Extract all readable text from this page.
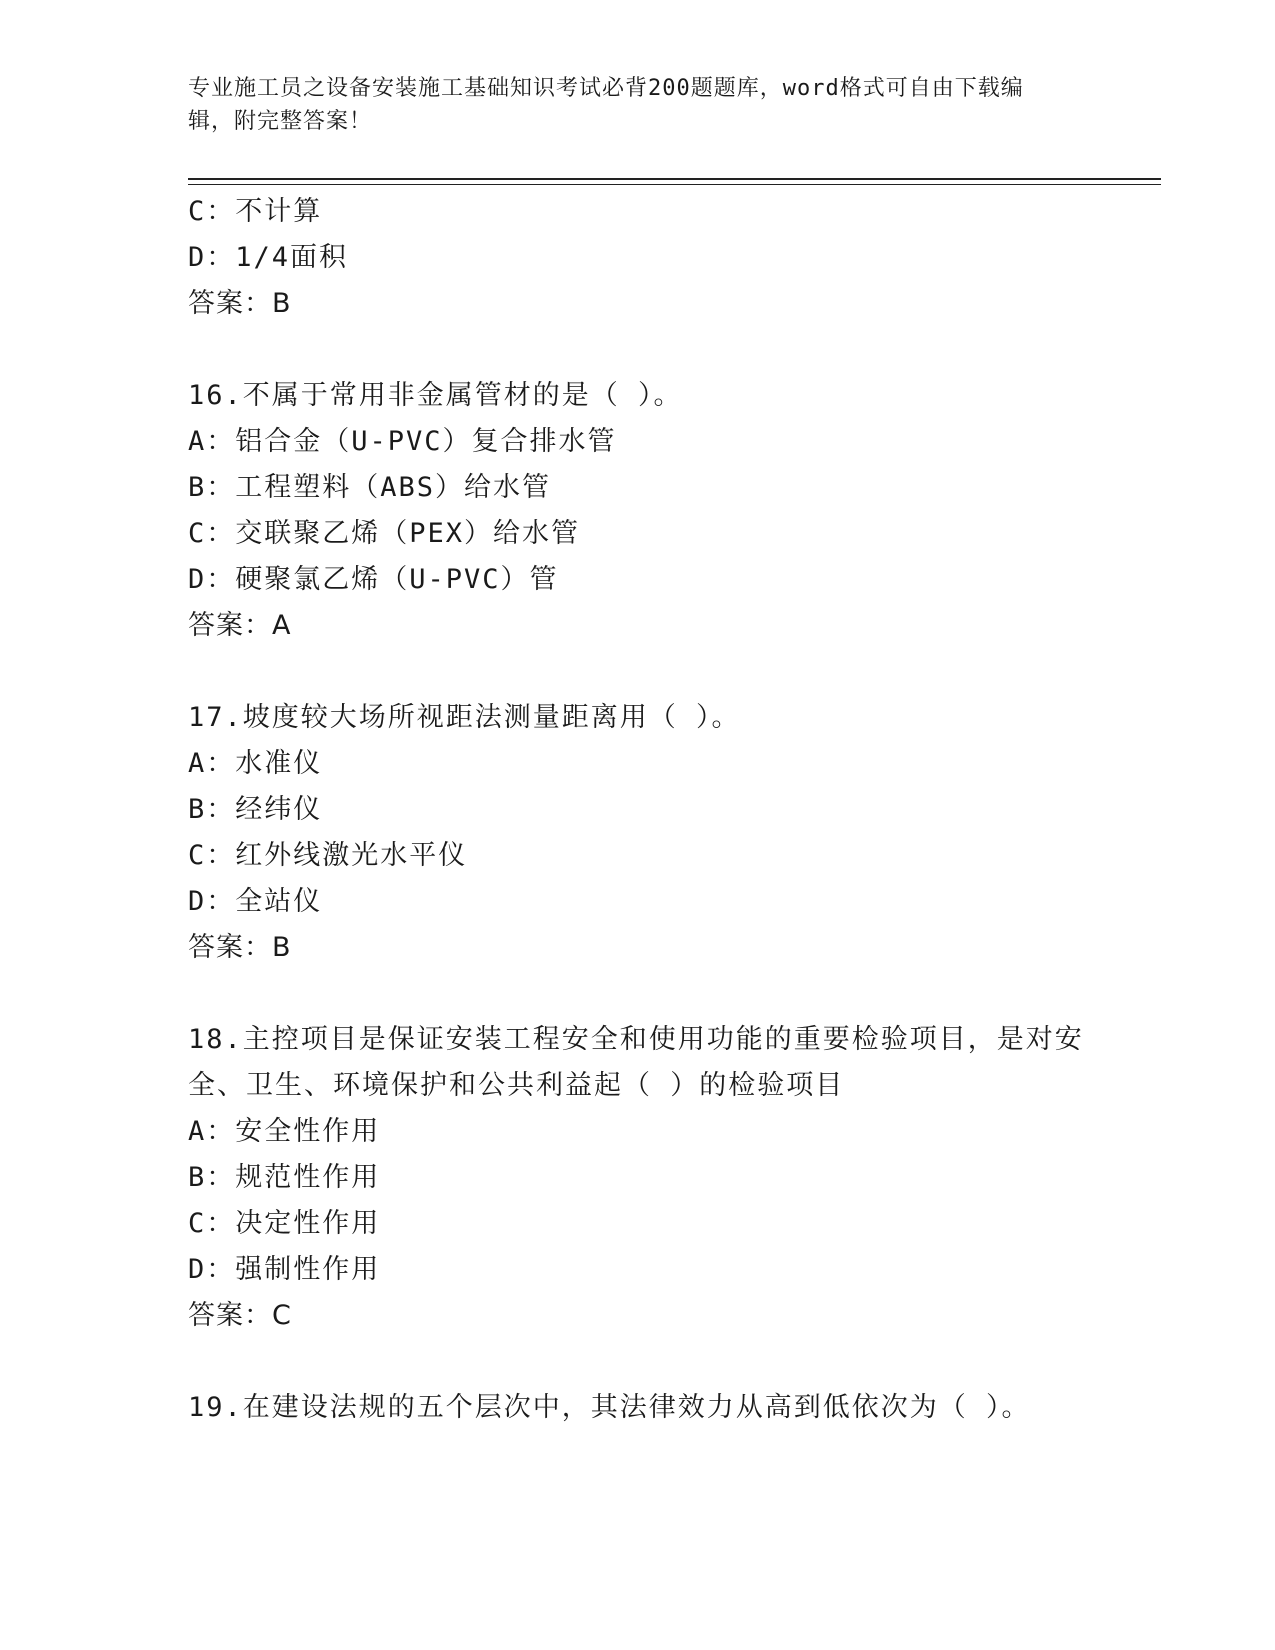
专业施工员之设备安装施工基础知识考试必背200题题库，word格式可自由下载编辑，附完整答案！
C：不计算
D：1/4面积
答案：B
16.不属于常用非金属管材的是（ ）。
A：铝合金（U-PVC）复合排水管
B：工程塑料（ABS）给水管
C：交联聚乙烯（PEX）给水管
D：硬聚氯乙烯（U-PVC）管
答案：A
17.坡度较大场所视距法测量距离用（ ）。
A：水准仪
B：经纬仪
C：红外线激光水平仪
D：全站仪
答案：B
18.主控项目是保证安装工程安全和使用功能的重要检验项目，是对安
全、卫生、环境保护和公共利益起（ ）的检验项目
A：安全性作用
B：规范性作用
C：决定性作用
D：强制性作用
答案：C
19.在建设法规的五个层次中，其法律效力从高到低依次为（ ）。
